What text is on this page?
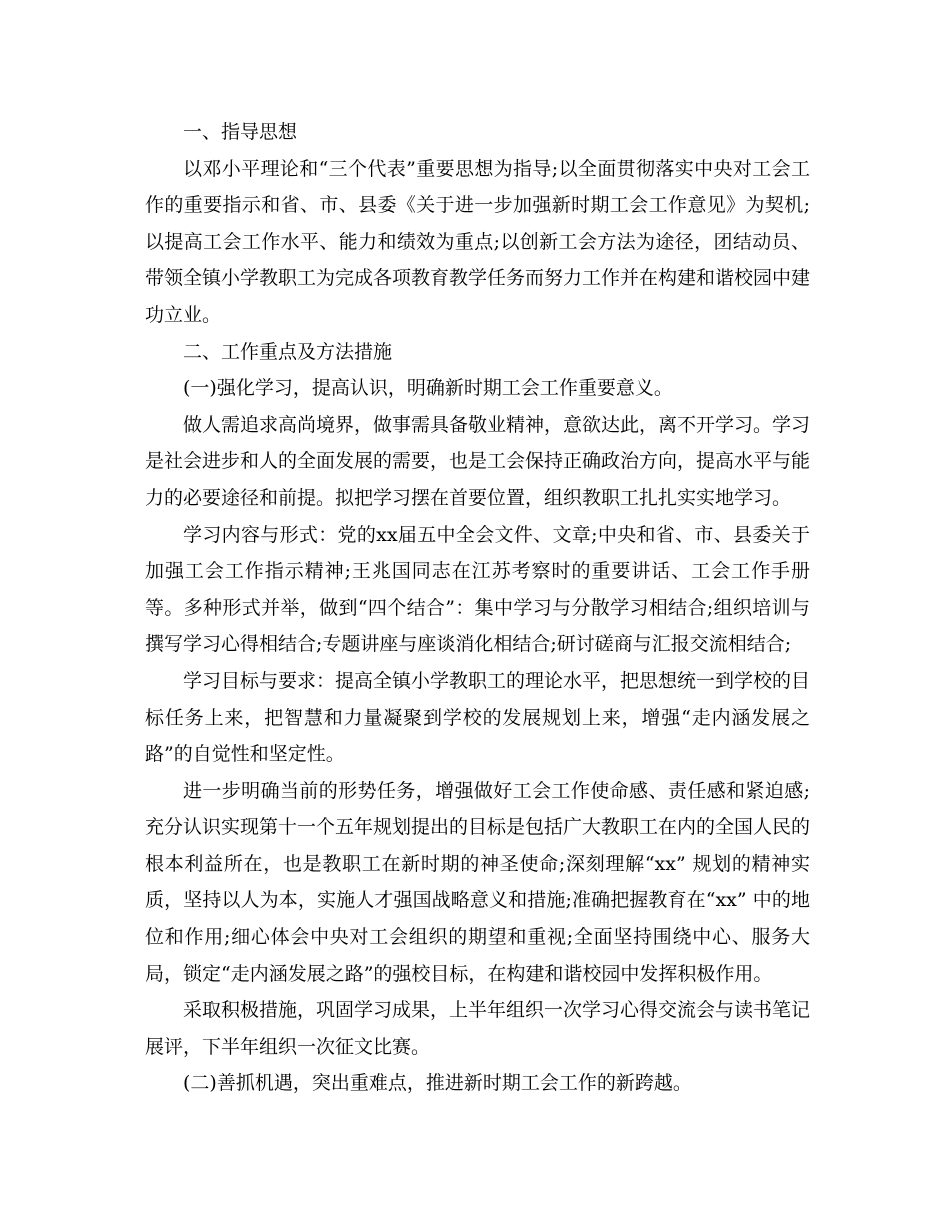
一、指导思想

以邓小平理论和“三个代表”重要思想为指导;以全面贯彻落实中央对工会工作的重要指示和省、市、县委《关于进一步加强新时期工会工作意见》为契机;以提高工会工作水平、能力和绩效为重点;以创新工会方法为途径，团结动员、带领全镇小学教职工为完成各项教育教学任务而努力工作并在构建和谐校园中建功立业。

二、工作重点及方法措施

(一)强化学习，提高认识，明确新时期工会工作重要意义。

做人需追求高尚境界，做事需具备敬业精神，意欲达此，离不开学习。学习是社会进步和人的全面发展的需要，也是工会保持正确政治方向，提高水平与能力的必要途径和前提。拟把学习摆在首要位置，组织教职工扎扎实实地学习。

学习内容与形式：党的xx届五中全会文件、文章;中央和省、市、县委关于加强工会工作指示精神;王兆国同志在江苏考察时的重要讲话、工会工作手册等。多种形式并举，做到“四个结合”：集中学习与分散学习相结合;组织培训与撰写学习心得相结合;专题讲座与座谈消化相结合;研讨磋商与汇报交流相结合;

学习目标与要求：提高全镇小学教职工的理论水平，把思想统一到学校的目标任务上来，把智慧和力量凝聚到学校的发展规划上来，增强“走内涵发展之路”的自觉性和坚定性。

进一步明确当前的形势任务，增强做好工会工作使命感、责任感和紧迫感;充分认识实现第十一个五年规划提出的目标是包括广大教职工在内的全国人民的根本利益所在，也是教职工在新时期的神圣使命;深刻理解“xx” 规划的精神实质，坚持以人为本，实施人才强国战略意义和措施;准确把握教育在“xx” 中的地位和作用;细心体会中央对工会组织的期望和重视;全面坚持围绕中心、服务大局，锁定“走内涵发展之路”的强校目标，在构建和谐校园中发挥积极作用。

采取积极措施，巩固学习成果，上半年组织一次学习心得交流会与读书笔记展评，下半年组织一次征文比赛。

(二)善抓机遇，突出重难点，推进新时期工会工作的新跨越。
